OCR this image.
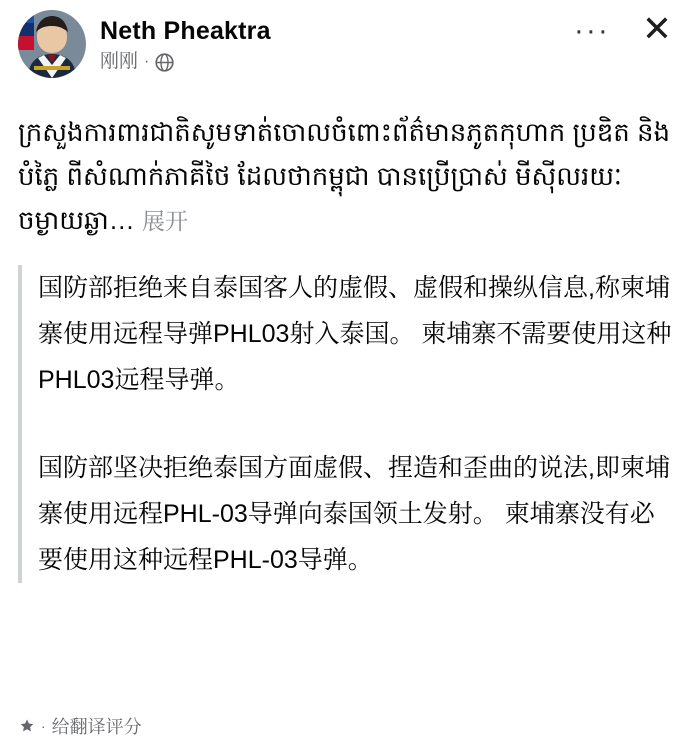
Neth Pheaktra
刚刚 ·
··· ✕
ក្រសួងការពារជាតិសូមទាត់ចោលចំពោះព័ត៌មានភូតកុហាក ប្រឌិត និងបំភ្លៃ ពីសំណាក់ភាគីថៃ ដែលថាកម្ពុជា បានប្រើប្រាស់ មីស៊ីលរយៈចម្ងាយឆ្ងា… 展开

国防部拒绝来自泰国客人的虚假、虚假和操纵信息,称柬埔寨使用远程导弹PHL03射入泰国。 柬埔寨不需要使用这种PHL03远程导弹。

国防部坚决拒绝泰国方面虚假、捏造和歪曲的说法,即柬埔寨使用远程PHL-03导弹向泰国领土发射。 柬埔寨没有必要使用这种远程PHL-03导弹。

· 给翻译评分
